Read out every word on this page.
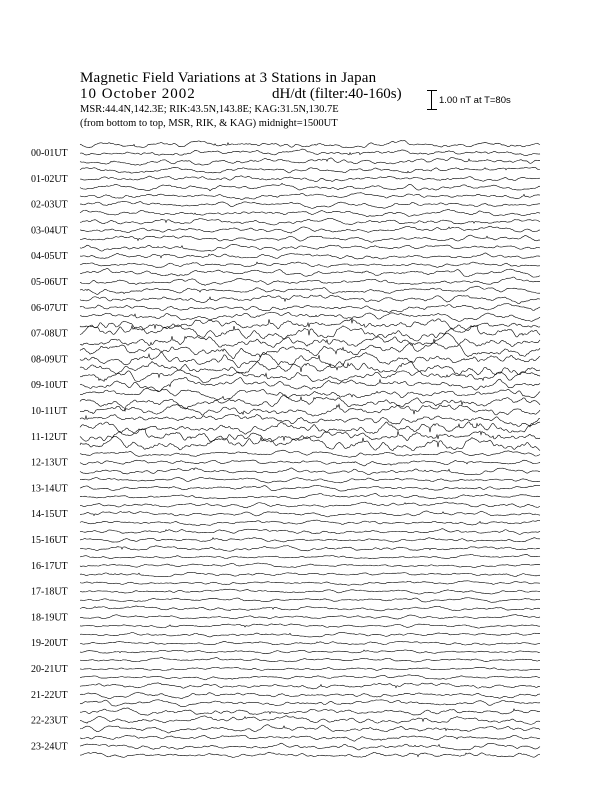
Magnetic Field Variations at 3 Stations in Japan
10 October 2002	dH/dt (filter:40-160s)
MSR:44.4N,142.3E; RIK:43.5N,143.8E; KAG:31.5N,130.7E
(from bottom to top, MSR, RIK, & KAG) midnight=1500UT
1.00 nT at T=80s
00-01UT
01-02UT
02-03UT
03-04UT
04-05UT
05-06UT
06-07UT
07-08UT
08-09UT
09-10UT
10-11UT
11-12UT
12-13UT
13-14UT
14-15UT
15-16UT
16-17UT
17-18UT
18-19UT
19-20UT
20-21UT
21-22UT
22-23UT
23-24UT
